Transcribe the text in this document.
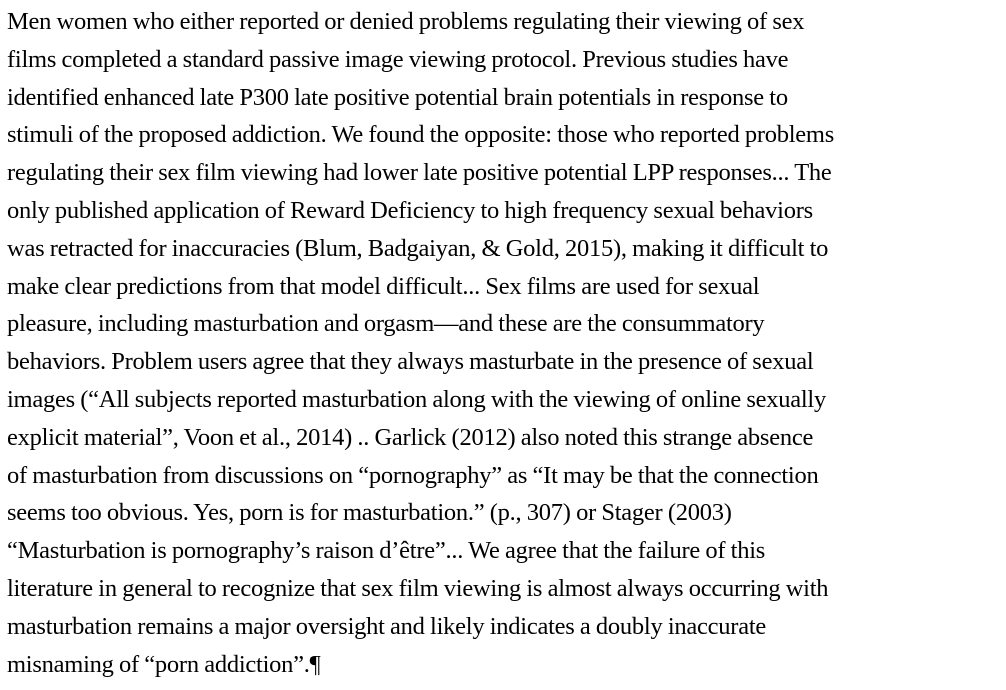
Men women who either reported or denied problems regulating their viewing of sex
films completed a standard passive image viewing protocol. Previous studies have
identified enhanced late P300 late positive potential brain potentials in response to
stimuli of the proposed addiction. We found the opposite: those who reported problems
regulating their sex film viewing had lower late positive potential LPP responses... The
only published application of Reward Deficiency to high frequency sexual behaviors
was retracted for inaccuracies (Blum, Badgaiyan, & Gold, 2015), making it difficult to
make clear predictions from that model difficult... Sex films are used for sexual
pleasure, including masturbation and orgasm—and these are the consummatory
behaviors. Problem users agree that they always masturbate in the presence of sexual
images (“All subjects reported masturbation along with the viewing of online sexually
explicit material”, Voon et al., 2014) .. Garlick (2012) also noted this strange absence
of masturbation from discussions on “pornography” as “It may be that the connection
seems too obvious. Yes, porn is for masturbation.” (p., 307) or Stager (2003)
“Masturbation is pornography’s raison d’être”... We agree that the failure of this
literature in general to recognize that sex film viewing is almost always occurring with
masturbation remains a major oversight and likely indicates a doubly inaccurate
misnaming of “porn addiction”.¶
